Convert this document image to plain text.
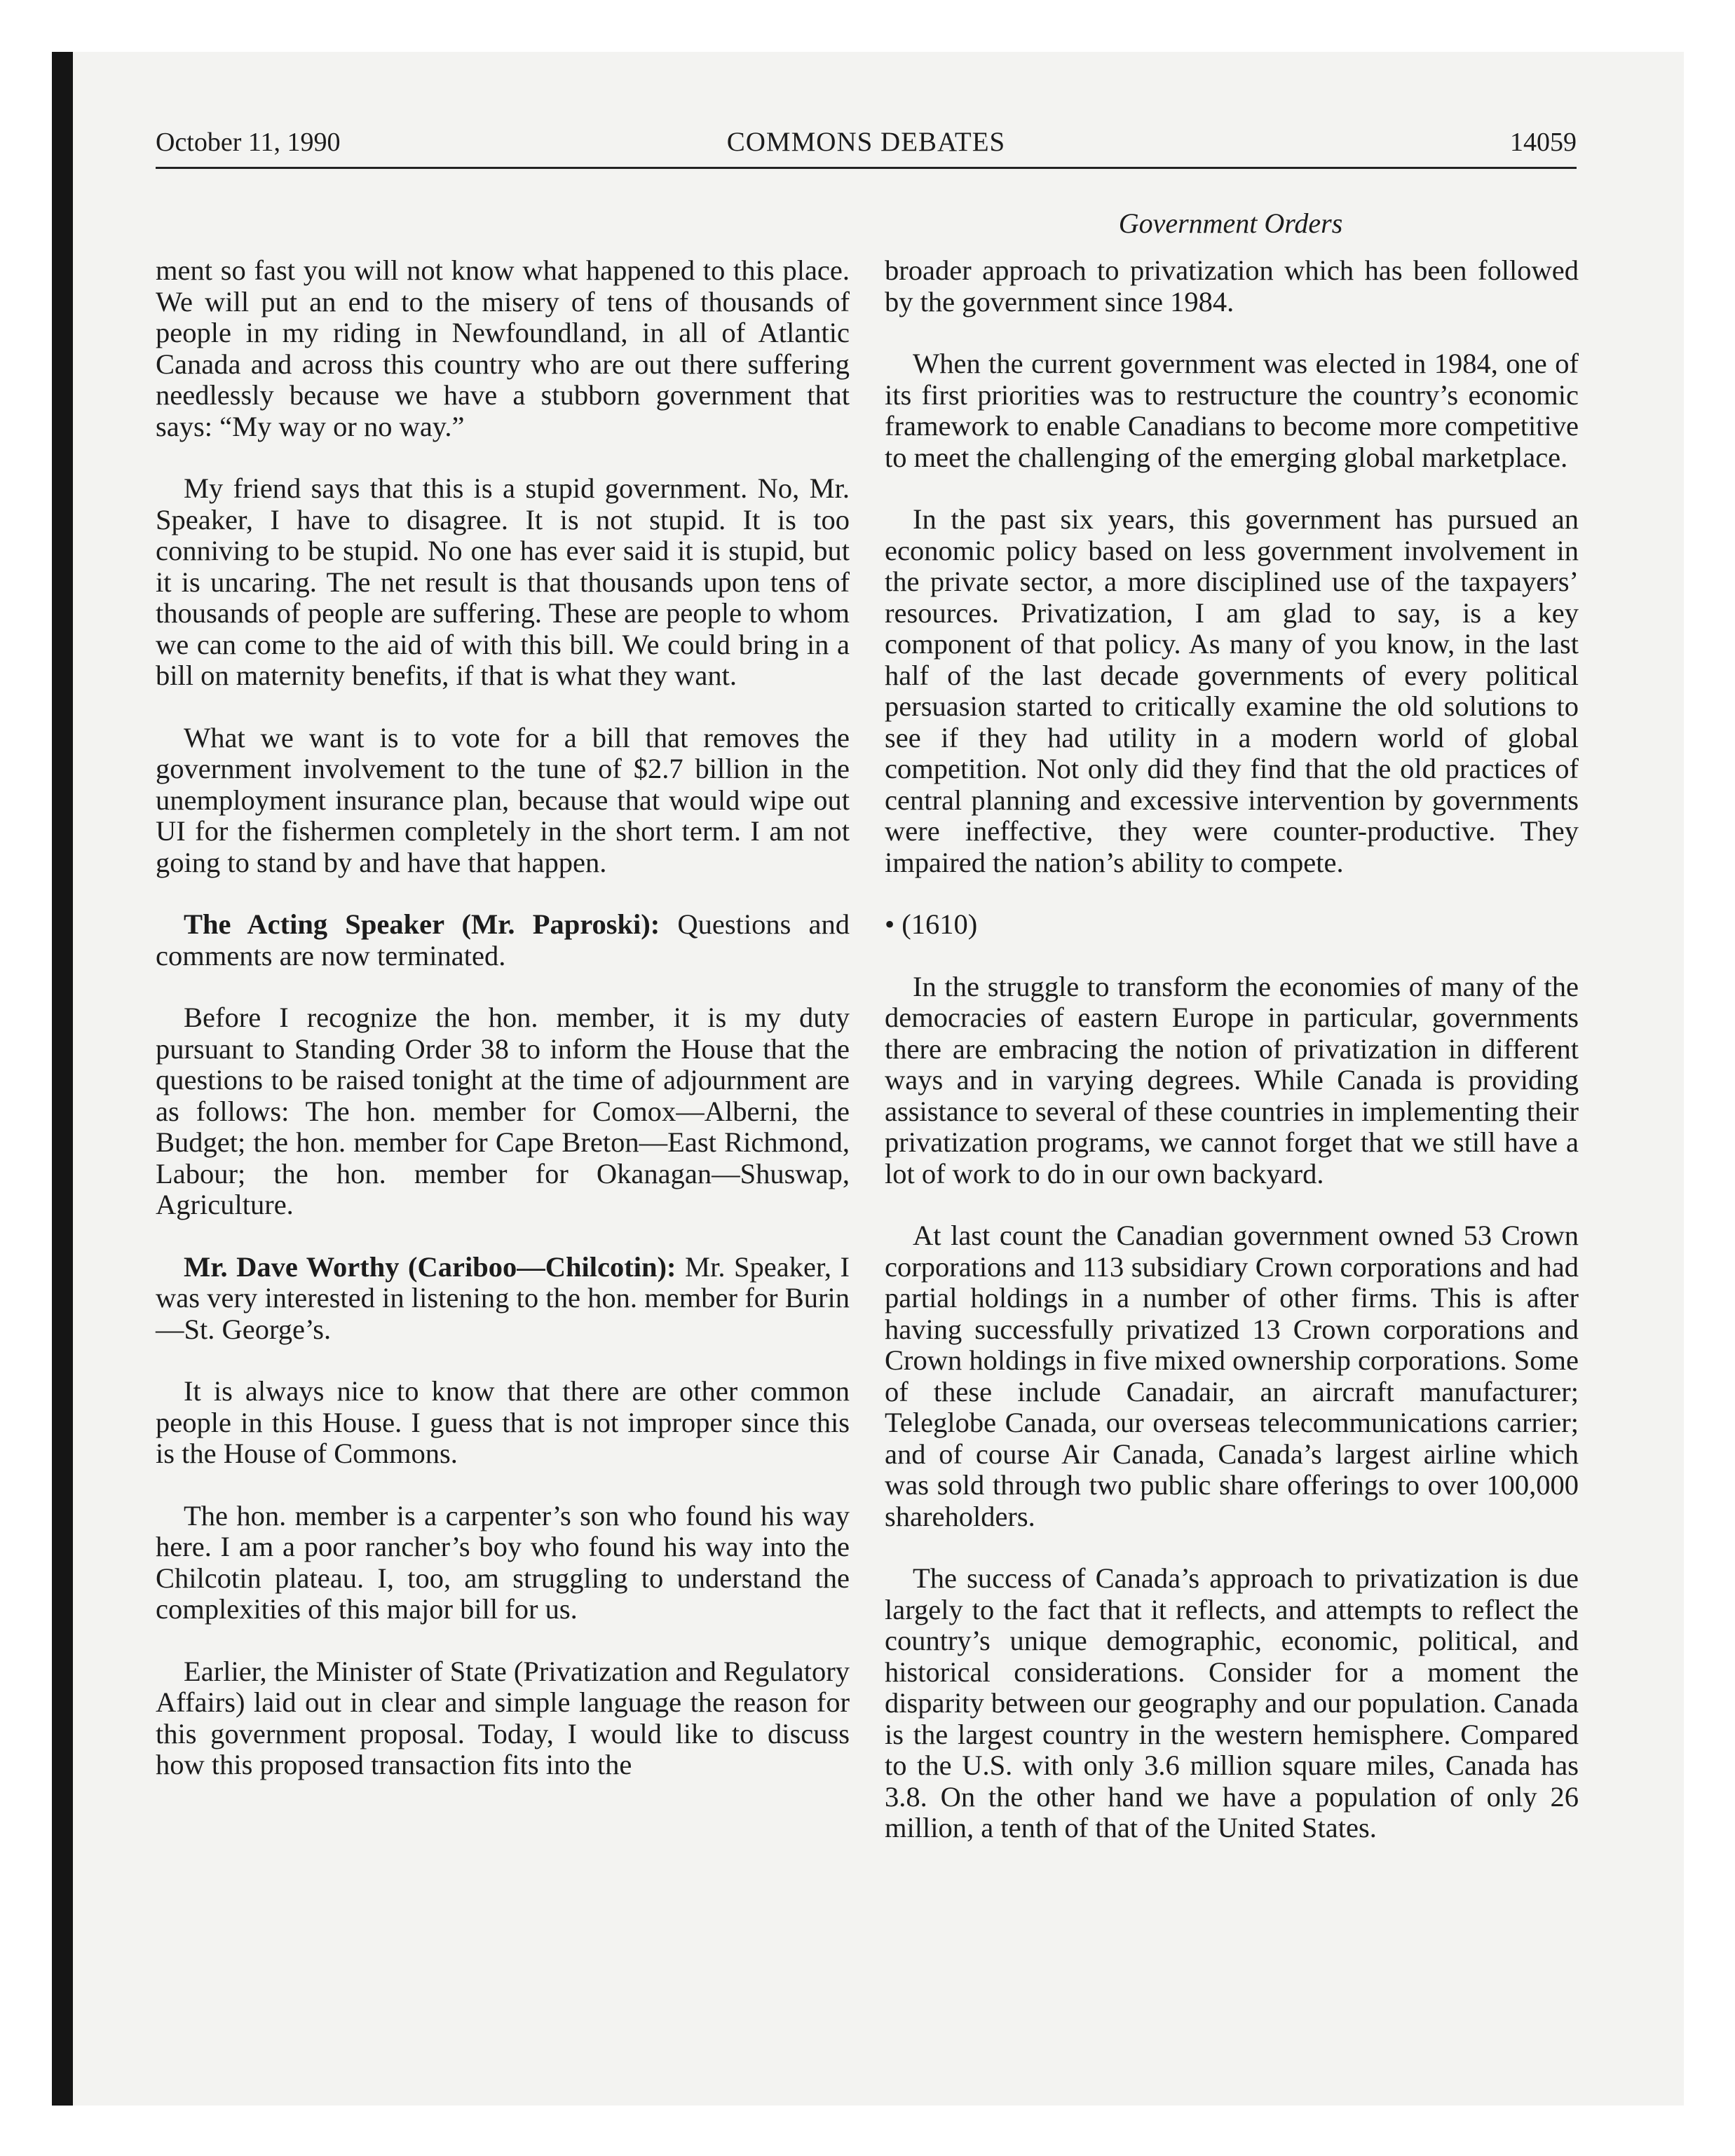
October 11, 1990	COMMONS DEBATES	14059
Government Orders

ment so fast you will not know what happened to this place. We will put an end to the misery of tens of thousands of people in my riding in Newfoundland, in all of Atlantic Canada and across this country who are out there suffering needlessly because we have a stubborn government that says: “My way or no way.”

My friend says that this is a stupid government. No, Mr. Speaker, I have to disagree. It is not stupid. It is too conniving to be stupid. No one has ever said it is stupid, but it is uncaring. The net result is that thousands upon tens of thousands of people are suffering. These are people to whom we can come to the aid of with this bill. We could bring in a bill on maternity benefits, if that is what they want.

What we want is to vote for a bill that removes the government involvement to the tune of $2.7 billion in the unemployment insurance plan, because that would wipe out UI for the fishermen completely in the short term. I am not going to stand by and have that happen.

The Acting Speaker (Mr. Paproski): Questions and comments are now terminated.

Before I recognize the hon. member, it is my duty pursuant to Standing Order 38 to inform the House that the questions to be raised tonight at the time of adjournment are as follows: The hon. member for Comox—Alberni, the Budget; the hon. member for Cape Breton—East Richmond, Labour; the hon. member for Okanagan—Shuswap, Agriculture.

Mr. Dave Worthy (Cariboo—Chilcotin): Mr. Speaker, I was very interested in listening to the hon. member for Burin—St. George’s.

It is always nice to know that there are other common people in this House. I guess that is not improper since this is the House of Commons.

The hon. member is a carpenter’s son who found his way here. I am a poor rancher’s boy who found his way into the Chilcotin plateau. I, too, am struggling to understand the complexities of this major bill for us.

Earlier, the Minister of State (Privatization and Regulatory Affairs) laid out in clear and simple language the reason for this government proposal. Today, I would like to discuss how this proposed transaction fits into the

broader approach to privatization which has been followed by the government since 1984.

When the current government was elected in 1984, one of its first priorities was to restructure the country’s economic framework to enable Canadians to become more competitive to meet the challenging of the emerging global marketplace.

In the past six years, this government has pursued an economic policy based on less government involvement in the private sector, a more disciplined use of the taxpayers’ resources. Privatization, I am glad to say, is a key component of that policy. As many of you know, in the last half of the last decade governments of every political persuasion started to critically examine the old solutions to see if they had utility in a modern world of global competition. Not only did they find that the old practices of central planning and excessive intervention by governments were ineffective, they were counter-productive. They impaired the nation’s ability to compete.

• (1610)

In the struggle to transform the economies of many of the democracies of eastern Europe in particular, governments there are embracing the notion of privatization in different ways and in varying degrees. While Canada is providing assistance to several of these countries in implementing their privatization programs, we cannot forget that we still have a lot of work to do in our own backyard.

At last count the Canadian government owned 53 Crown corporations and 113 subsidiary Crown corporations and had partial holdings in a number of other firms. This is after having successfully privatized 13 Crown corporations and Crown holdings in five mixed ownership corporations. Some of these include Canadair, an aircraft manufacturer; Teleglobe Canada, our overseas telecommunications carrier; and of course Air Canada, Canada’s largest airline which was sold through two public share offerings to over 100,000 shareholders.

The success of Canada’s approach to privatization is due largely to the fact that it reflects, and attempts to reflect the country’s unique demographic, economic, political, and historical considerations. Consider for a moment the disparity between our geography and our population. Canada is the largest country in the western hemisphere. Compared to the U.S. with only 3.6 million square miles, Canada has 3.8. On the other hand we have a population of only 26 million, a tenth of that of the United States.
